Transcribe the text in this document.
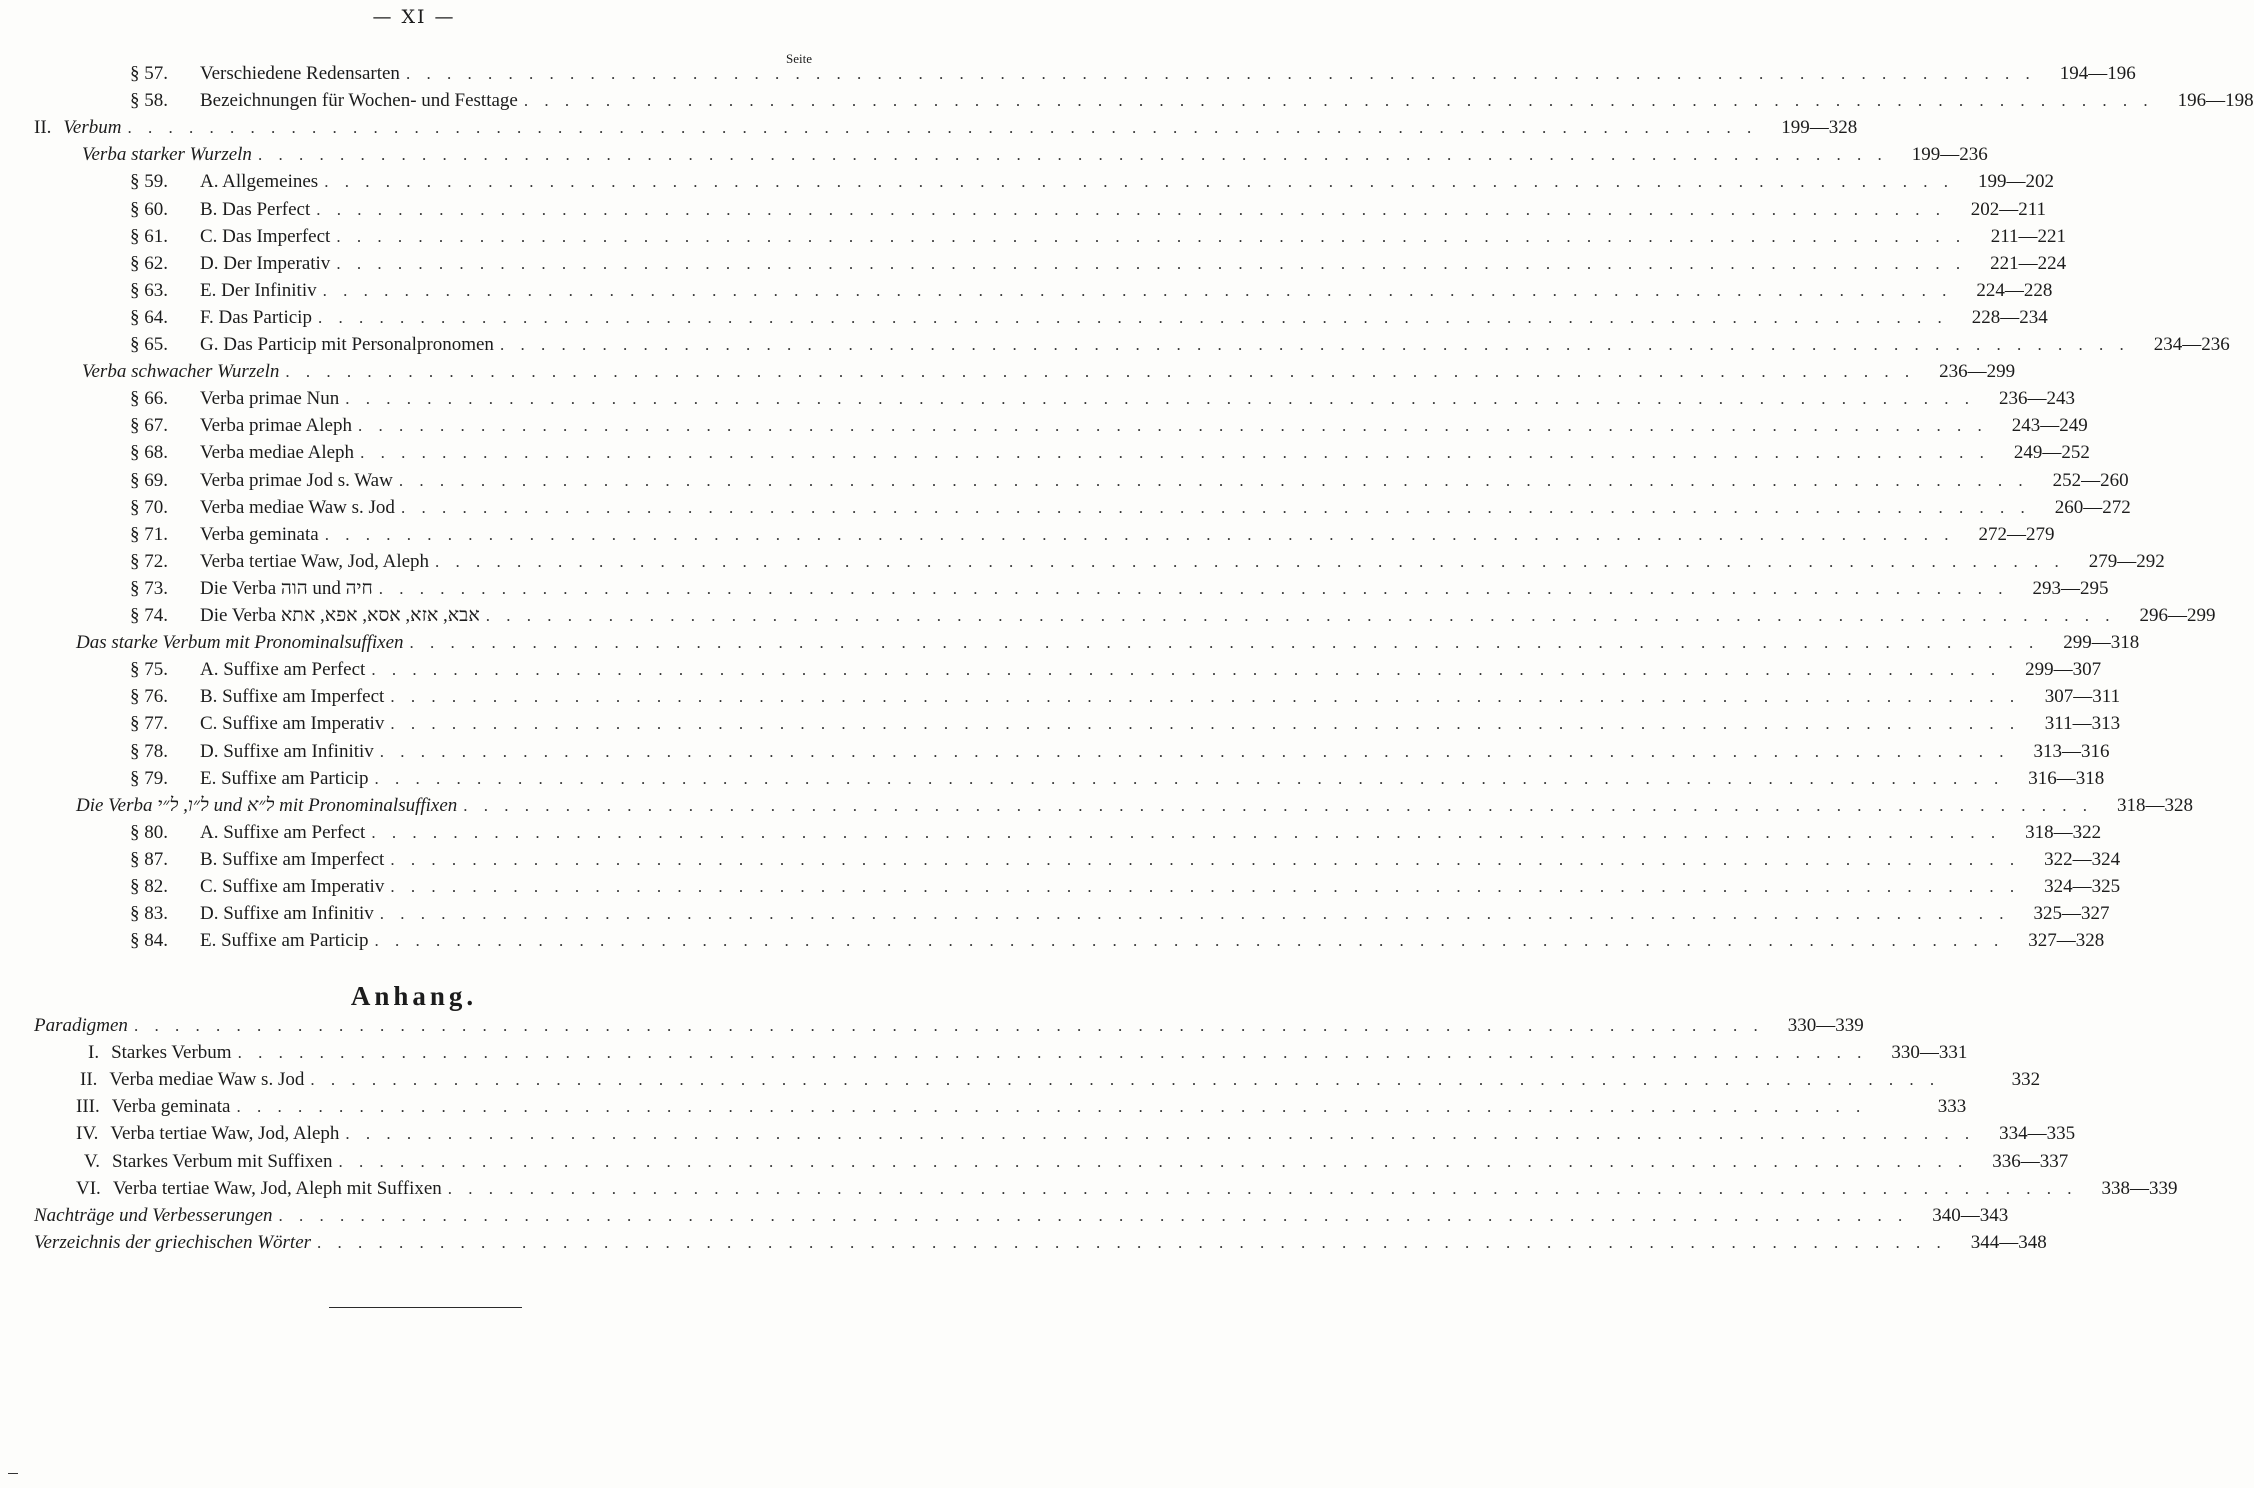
— XI —
Seite
§ 57.	Verschiedene Redensarten . . . . . . . . . . . . . . . . . . . . . . . . . . . . . . . . . . . . . . . . . . . . . . . . . . . . . . . . . . . . . . . . . . . . . . . . . . . . . . . .	194—196
§ 58.	Bezeichnungen für Wochen- und Festtage . . . . . . . . . . . . . . . . . . . . . . . . . . . . . . . . . . . . . . . . . . . . . . . . . . . . . . . . . . . . . . . . . . . . . . . . . . . . . . . .	196—198
II. Verbum . . . . . . . . . . . . . . . . . . . . . . . . . . . . . . . . . . . . . . . . . . . . . . . . . . . . . . . . . . . . . . . . . . . . . . . . . . . . . . . .	199—328
Verba starker Wurzeln . . . . . . . . . . . . . . . . . . . . . . . . . . . . . . . . . . . . . . . . . . . . . . . . . . . . . . . . . . . . . . . . . . . . . . . . . . . . . . . .	199—236
§ 59.	A. Allgemeines . . . . . . . . . . . . . . . . . . . . . . . . . . . . . . . . . . . . . . . . . . . . . . . . . . . . . . . . . . . . . . . . . . . . . . . . . . . . . . . .	199—202
§ 60.	B. Das Perfect . . . . . . . . . . . . . . . . . . . . . . . . . . . . . . . . . . . . . . . . . . . . . . . . . . . . . . . . . . . . . . . . . . . . . . . . . . . . . . . .	202—211
§ 61.	C. Das Imperfect . . . . . . . . . . . . . . . . . . . . . . . . . . . . . . . . . . . . . . . . . . . . . . . . . . . . . . . . . . . . . . . . . . . . . . . . . . . . . . . .	211—221
§ 62.	D. Der Imperativ . . . . . . . . . . . . . . . . . . . . . . . . . . . . . . . . . . . . . . . . . . . . . . . . . . . . . . . . . . . . . . . . . . . . . . . . . . . . . . . .	221—224
§ 63.	E. Der Infinitiv . . . . . . . . . . . . . . . . . . . . . . . . . . . . . . . . . . . . . . . . . . . . . . . . . . . . . . . . . . . . . . . . . . . . . . . . . . . . . . . .	224—228
§ 64.	F. Das Particip . . . . . . . . . . . . . . . . . . . . . . . . . . . . . . . . . . . . . . . . . . . . . . . . . . . . . . . . . . . . . . . . . . . . . . . . . . . . . . . .	228—234
§ 65.	G. Das Particip mit Personalpronomen . . . . . . . . . . . . . . . . . . . . . . . . . . . . . . . . . . . . . . . . . . . . . . . . . . . . . . . . . . . . . . . . . . . . . . . . . . . . . . . .	234—236
Verba schwacher Wurzeln . . . . . . . . . . . . . . . . . . . . . . . . . . . . . . . . . . . . . . . . . . . . . . . . . . . . . . . . . . . . . . . . . . . . . . . . . . . . . . . .	236—299
§ 66.	Verba primae Nun . . . . . . . . . . . . . . . . . . . . . . . . . . . . . . . . . . . . . . . . . . . . . . . . . . . . . . . . . . . . . . . . . . . . . . . . . . . . . . . .	236—243
§ 67.	Verba primae Aleph . . . . . . . . . . . . . . . . . . . . . . . . . . . . . . . . . . . . . . . . . . . . . . . . . . . . . . . . . . . . . . . . . . . . . . . . . . . . . . . .	243—249
§ 68.	Verba mediae Aleph . . . . . . . . . . . . . . . . . . . . . . . . . . . . . . . . . . . . . . . . . . . . . . . . . . . . . . . . . . . . . . . . . . . . . . . . . . . . . . . .	249—252
§ 69.	Verba primae Jod s. Waw . . . . . . . . . . . . . . . . . . . . . . . . . . . . . . . . . . . . . . . . . . . . . . . . . . . . . . . . . . . . . . . . . . . . . . . . . . . . . . . .	252—260
§ 70.	Verba mediae Waw s. Jod . . . . . . . . . . . . . . . . . . . . . . . . . . . . . . . . . . . . . . . . . . . . . . . . . . . . . . . . . . . . . . . . . . . . . . . . . . . . . . . .	260—272
§ 71.	Verba geminata . . . . . . . . . . . . . . . . . . . . . . . . . . . . . . . . . . . . . . . . . . . . . . . . . . . . . . . . . . . . . . . . . . . . . . . . . . . . . . . .	272—279
§ 72.	Verba tertiae Waw, Jod, Aleph . . . . . . . . . . . . . . . . . . . . . . . . . . . . . . . . . . . . . . . . . . . . . . . . . . . . . . . . . . . . . . . . . . . . . . . . . . . . . . . .	279—292
§ 73.	Die Verba הוה und חיה . . . . . . . . . . . . . . . . . . . . . . . . . . . . . . . . . . . . . . . . . . . . . . . . . . . . . . . . . . . . . . . . . . . . . . . . . . . . . . . .	293—295
§ 74.	Die Verba אבא, אזא, אסא, אפא, אתא . . . . . . . . . . . . . . . . . . . . . . . . . . . . . . . . . . . . . . . . . . . . . . . . . . . . . . . . . . . . . . . . . . . . . . . . . . . . . . . .	296—299
Das starke Verbum mit Pronominalsuffixen . . . . . . . . . . . . . . . . . . . . . . . . . . . . . . . . . . . . . . . . . . . . . . . . . . . . . . . . . . . . . . . . . . . . . . . . . . . . . . . .	299—318
§ 75.	A. Suffixe am Perfect . . . . . . . . . . . . . . . . . . . . . . . . . . . . . . . . . . . . . . . . . . . . . . . . . . . . . . . . . . . . . . . . . . . . . . . . . . . . . . . .	299—307
§ 76.	B. Suffixe am Imperfect . . . . . . . . . . . . . . . . . . . . . . . . . . . . . . . . . . . . . . . . . . . . . . . . . . . . . . . . . . . . . . . . . . . . . . . . . . . . . . . .	307—311
§ 77.	C. Suffixe am Imperativ . . . . . . . . . . . . . . . . . . . . . . . . . . . . . . . . . . . . . . . . . . . . . . . . . . . . . . . . . . . . . . . . . . . . . . . . . . . . . . . .	311—313
§ 78.	D. Suffixe am Infinitiv . . . . . . . . . . . . . . . . . . . . . . . . . . . . . . . . . . . . . . . . . . . . . . . . . . . . . . . . . . . . . . . . . . . . . . . . . . . . . . . .	313—316
§ 79.	E. Suffixe am Particip . . . . . . . . . . . . . . . . . . . . . . . . . . . . . . . . . . . . . . . . . . . . . . . . . . . . . . . . . . . . . . . . . . . . . . . . . . . . . . . .	316—318
Die Verba ל״ו, ל״י und ל״א mit Pronominalsuffixen . . . . . . . . . . . . . . . . . . . . . . . . . . . . . . . . . . . . . . . . . . . . . . . . . . . . . . . . . . . . . . . . . . . . . . . . . . . . . . . .	318—328
§ 80.	A. Suffixe am Perfect . . . . . . . . . . . . . . . . . . . . . . . . . . . . . . . . . . . . . . . . . . . . . . . . . . . . . . . . . . . . . . . . . . . . . . . . . . . . . . . .	318—322
§ 87.	B. Suffixe am Imperfect . . . . . . . . . . . . . . . . . . . . . . . . . . . . . . . . . . . . . . . . . . . . . . . . . . . . . . . . . . . . . . . . . . . . . . . . . . . . . . . .	322—324
§ 82.	C. Suffixe am Imperativ . . . . . . . . . . . . . . . . . . . . . . . . . . . . . . . . . . . . . . . . . . . . . . . . . . . . . . . . . . . . . . . . . . . . . . . . . . . . . . . .	324—325
§ 83.	D. Suffixe am Infinitiv . . . . . . . . . . . . . . . . . . . . . . . . . . . . . . . . . . . . . . . . . . . . . . . . . . . . . . . . . . . . . . . . . . . . . . . . . . . . . . . .	325—327
§ 84.	E. Suffixe am Particip . . . . . . . . . . . . . . . . . . . . . . . . . . . . . . . . . . . . . . . . . . . . . . . . . . . . . . . . . . . . . . . . . . . . . . . . . . . . . . . .	327—328
Anhang.
Paradigmen . . . . . . . . . . . . . . . . . . . . . . . . . . . . . . . . . . . . . . . . . . . . . . . . . . . . . . . . . . . . . . . . . . . . . . . . . . . . . . . .	330—339
I. Starkes Verbum . . . . . . . . . . . . . . . . . . . . . . . . . . . . . . . . . . . . . . . . . . . . . . . . . . . . . . . . . . . . . . . . . . . . . . . . . . . . . . . .	330—331
II. Verba mediae Waw s. Jod . . . . . . . . . . . . . . . . . . . . . . . . . . . . . . . . . . . . . . . . . . . . . . . . . . . . . . . . . . . . . . . . . . . . . . . . . . . . . . . .	332
III. Verba geminata . . . . . . . . . . . . . . . . . . . . . . . . . . . . . . . . . . . . . . . . . . . . . . . . . . . . . . . . . . . . . . . . . . . . . . . . . . . . . . . .	333
IV. Verba tertiae Waw, Jod, Aleph . . . . . . . . . . . . . . . . . . . . . . . . . . . . . . . . . . . . . . . . . . . . . . . . . . . . . . . . . . . . . . . . . . . . . . . . . . . . . . . .	334—335
V. Starkes Verbum mit Suffixen . . . . . . . . . . . . . . . . . . . . . . . . . . . . . . . . . . . . . . . . . . . . . . . . . . . . . . . . . . . . . . . . . . . . . . . . . . . . . . . .	336—337
VI. Verba tertiae Waw, Jod, Aleph mit Suffixen . . . . . . . . . . . . . . . . . . . . . . . . . . . . . . . . . . . . . . . . . . . . . . . . . . . . . . . . . . . . . . . . . . . . . . . . . . . . . . . .	338—339
Nachträge und Verbesserungen . . . . . . . . . . . . . . . . . . . . . . . . . . . . . . . . . . . . . . . . . . . . . . . . . . . . . . . . . . . . . . . . . . . . . . . . . . . . . . . .	340—343
Verzeichnis der griechischen Wörter . . . . . . . . . . . . . . . . . . . . . . . . . . . . . . . . . . . . . . . . . . . . . . . . . . . . . . . . . . . . . . . . . . . . . . . . . . . . . . . .	344—348
